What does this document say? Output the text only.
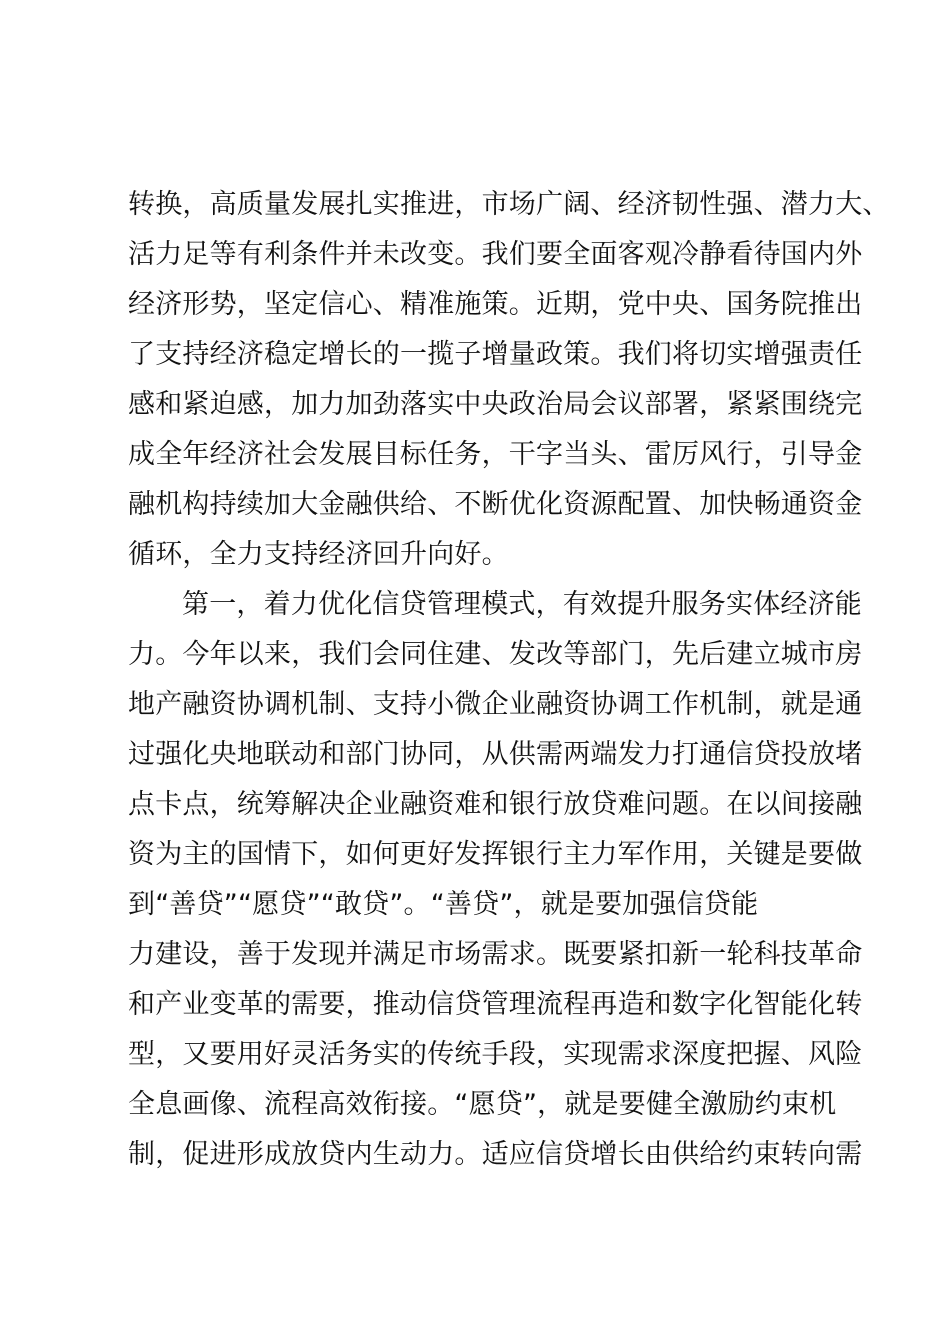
转换，高质量发展扎实推进，市场广阔、经济韧性强、潜力大、
活力足等有利条件并未改变。我们要全面客观冷静看待国内外
经济形势，坚定信心、精准施策。近期，党中央、国务院推出
了支持经济稳定增长的一揽子增量政策。我们将切实增强责任
感和紧迫感，加力加劲落实中央政治局会议部署，紧紧围绕完
成全年经济社会发展目标任务，干字当头、雷厉风行，引导金
融机构持续加大金融供给、不断优化资源配置、加快畅通资金
循环，全力支持经济回升向好。
第一，着力优化信贷管理模式，有效提升服务实体经济能
力。今年以来，我们会同住建、发改等部门，先后建立城市房
地产融资协调机制、支持小微企业融资协调工作机制，就是通
过强化央地联动和部门协同，从供需两端发力打通信贷投放堵
点卡点，统筹解决企业融资难和银行放贷难问题。在以间接融
资为主的国情下，如何更好发挥银行主力军作用，关键是要做
到“善贷”“愿贷”“敢贷”。“善贷”，就是要加强信贷能
力建设，善于发现并满足市场需求。既要紧扣新一轮科技革命
和产业变革的需要，推动信贷管理流程再造和数字化智能化转
型，又要用好灵活务实的传统手段，实现需求深度把握、风险
全息画像、流程高效衔接。“愿贷”，就是要健全激励约束机
制，促进形成放贷内生动力。适应信贷增长由供给约束转向需
